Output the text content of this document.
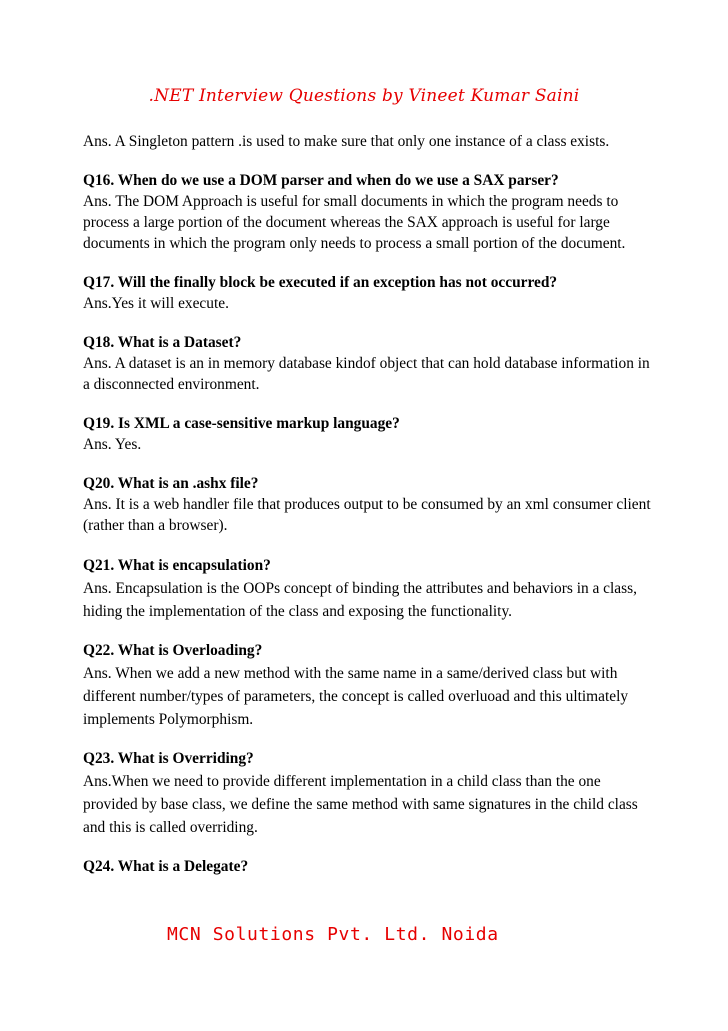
.NET Interview Questions by Vineet Kumar Saini
Ans. A Singleton pattern .is used to make sure that only one instance of a class exists.
Q16. When do we use a DOM parser and when do we use a SAX parser?
Ans. The DOM Approach is useful for small documents in which the program needs to process a large portion of the document whereas the SAX approach is useful for large documents in which the program only needs to process a small portion of the document.
Q17. Will the finally block be executed if an exception has not occurred?
Ans.Yes it will execute.
Q18. What is a Dataset?
Ans. A dataset is an in memory database kindof object that can hold database information in a disconnected environment.
Q19. Is XML a case-sensitive markup language?
Ans. Yes.
Q20. What is an .ashx file?
Ans. It is a web handler file that produces output to be consumed by an xml consumer client (rather than a browser).
Q21. What is encapsulation?
Ans. Encapsulation is the OOPs concept of binding the attributes and behaviors in a class, hiding the implementation of the class and exposing the functionality.
Q22. What is Overloading?
Ans. When we add a new method with the same name in a same/derived class but with different number/types of parameters, the concept is called overluoad and this ultimately implements Polymorphism.
Q23. What is Overriding?
Ans.When we need to provide different implementation in a child class than the one provided by base class, we define the same method with same signatures in the child class and this is called overriding.
Q24. What is a Delegate?
MCN Solutions Pvt. Ltd. Noida
